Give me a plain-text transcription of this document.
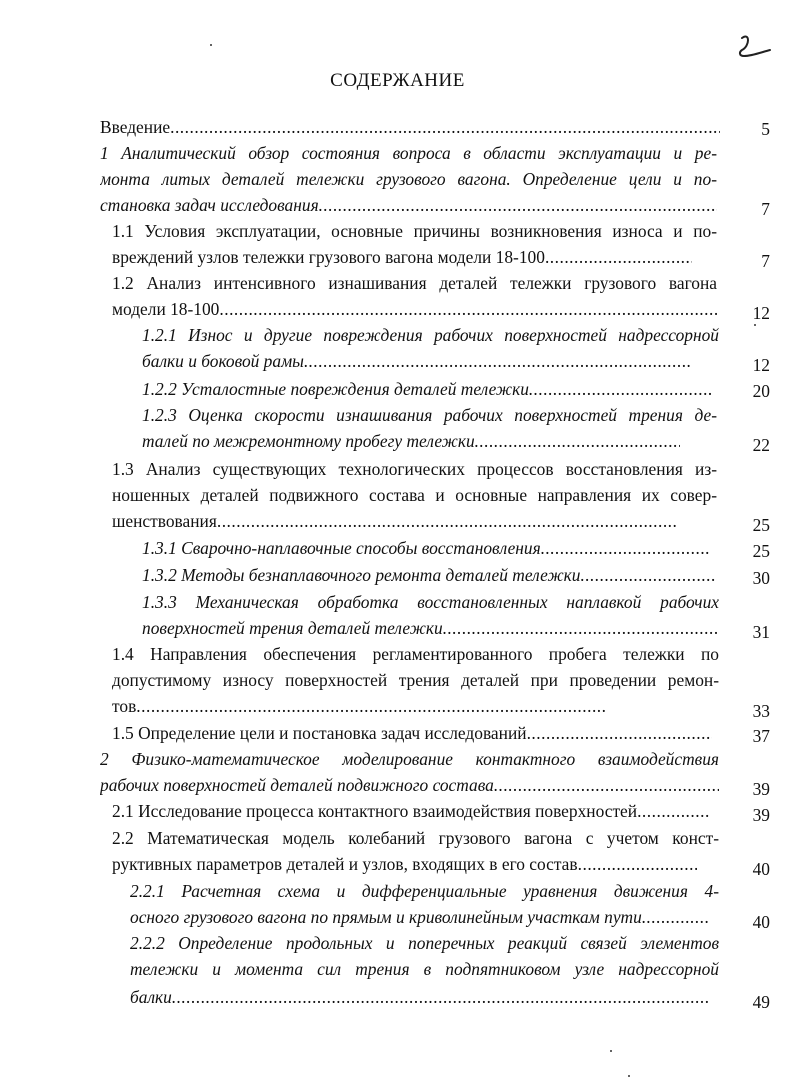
СОДЕРЖАНИЕ
Введение .....	5
1 Аналитический обзор состояния вопроса в области эксплуатации и ре-
монта литых деталей тележки грузового вагона. Определение цели и по-
становка задач исследования .....	7
1.1 Условия эксплуатации, основные причины возникновения износа и по-
вреждений узлов тележки грузового вагона модели 18-100 .....	7
1.2 Анализ интенсивного изнашивания деталей тележки грузового вагона
модели 18-100 .....	12
1.2.1 Износ и другие повреждения рабочих поверхностей надрессорной
балки и боковой рамы .....	12
1.2.2 Усталостные повреждения деталей тележки .....	20
1.2.3 Оценка скорости изнашивания рабочих поверхностей трения де-
талей по межремонтному пробегу тележки .....	22
1.3 Анализ существующих технологических процессов восстановления из-
ношенных деталей подвижного состава и основные направления их совер-
шенствования .....	25
1.3.1 Сварочно-наплавочные способы восстановления .....	25
1.3.2 Методы безнаплавочного ремонта деталей тележки .....	30
1.3.3 Механическая обработка восстановленных наплавкой рабочих
поверхностей трения деталей тележки .....	31
1.4 Направления обеспечения регламентированного пробега тележки по
допустимому износу поверхностей трения деталей при проведении ремон-
тов .....	33
1.5 Определение цели и постановка задач исследований .....	37
2 Физико-математическое моделирование контактного взаимодействия
рабочих поверхностей деталей подвижного состава .....	39
2.1 Исследование процесса контактного взаимодействия поверхностей .....	39
2.2 Математическая модель колебаний грузового вагона с учетом конст-
руктивных параметров деталей и узлов, входящих в его состав .....	40
2.2.1 Расчетная схема и дифференциальные уравнения движения 4-
осного грузового вагона по прямым и криволинейным участкам пути .....	40
2.2.2 Определение продольных и поперечных реакций связей элементов
тележки и момента сил трения в подпятниковом узле надрессорной
балки .....	49
